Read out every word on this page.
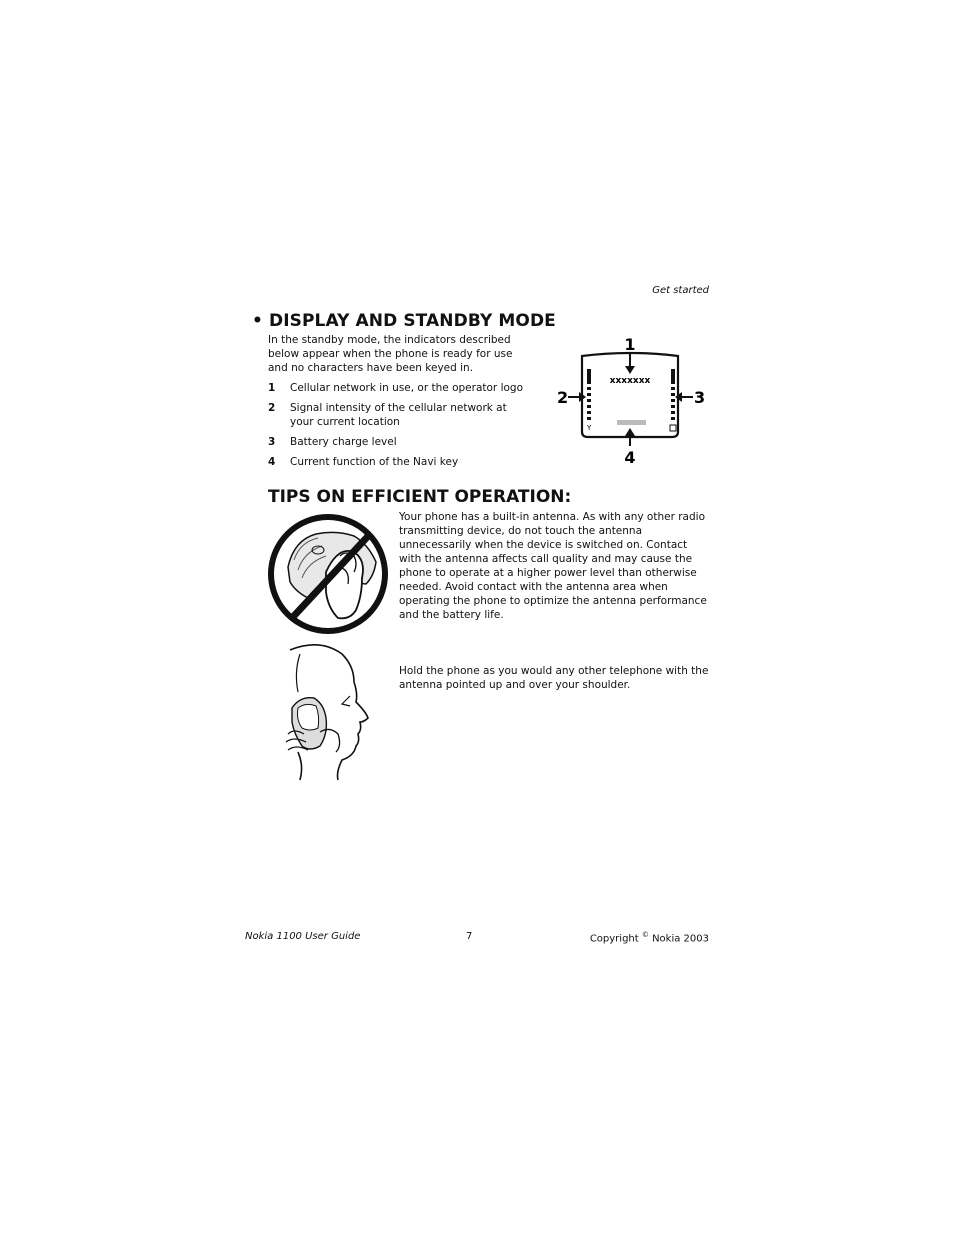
Get started
• DISPLAY AND STANDBY MODE
In the standby mode, the indicators described below appear when the phone is ready for use and no characters have been keyed in.
1	Cellular network in use, or the operator logo
2	Signal intensity of the cellular network at your current location
3	Battery charge level
4	Current function of the Navi key
xxxxxxx
Y
1
2	3
4
TIPS ON EFFICIENT OPERATION:
Your phone has a built-in antenna. As with any other radio transmitting device, do not touch the antenna unnecessarily when the device is switched on. Contact with the antenna affects call quality and may cause the phone to operate at a higher power level than otherwise needed. Avoid contact with the antenna area when operating the phone to optimize the antenna performance and the battery life.
Hold the phone as you would any other telephone with the antenna pointed up and over your shoulder.
Nokia 1100 User Guide	7	Copyright © Nokia 2003
